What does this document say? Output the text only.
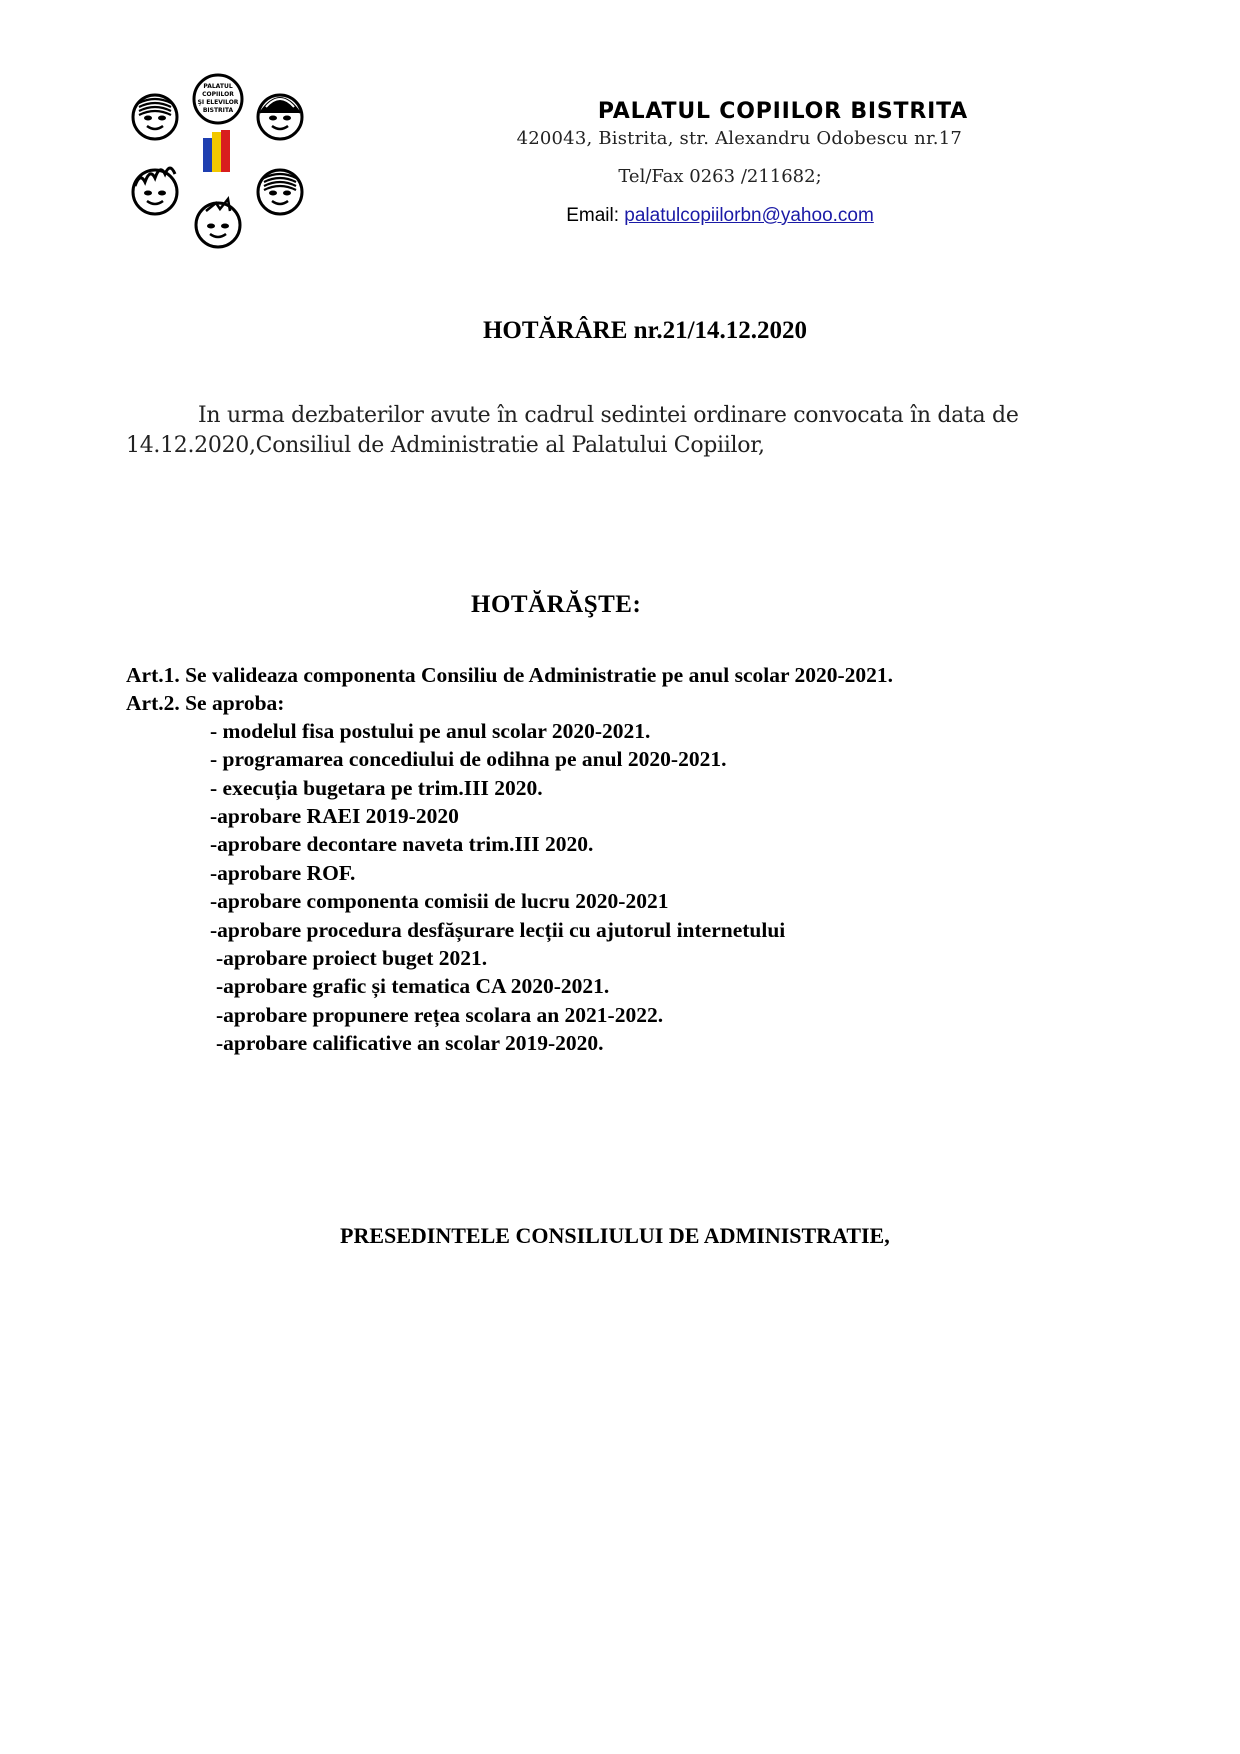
PALATUL
COPIILOR
ŞI ELEVILOR
BISTRITA	PALATUL COPIILOR BISTRITA
420043, Bistrita, str. Alexandru Odobescu nr.17
Tel/Fax 0263 /211682;
Email: palatulcopiilorbn@yahoo.com
HOTĂRÂRE nr.21/14.12.2020
In urma dezbaterilor avute în cadrul sedintei ordinare convocata în data de
14.12.2020,Consiliul de Administratie al Palatului Copiilor,
HOTĂRĂŞTE:
Art.1. Se valideaza componenta Consiliu de Administratie pe anul scolar 2020-2021.
Art.2. Se aproba:
- modelul fisa postului pe anul scolar 2020-2021.
- programarea concediului de odihna pe anul 2020-2021.
- execuția bugetara pe trim.III 2020.
-aprobare RAEI 2019-2020
-aprobare decontare naveta trim.III 2020.
-aprobare ROF.
-aprobare componenta comisii de lucru 2020-2021
-aprobare procedura desfășurare lecții cu ajutorul internetului
-aprobare proiect buget 2021.
-aprobare grafic și tematica CA 2020-2021.
-aprobare propunere rețea scolara an 2021-2022.
-aprobare calificative an scolar 2019-2020.
PRESEDINTELE CONSILIULUI DE ADMINISTRATIE,
